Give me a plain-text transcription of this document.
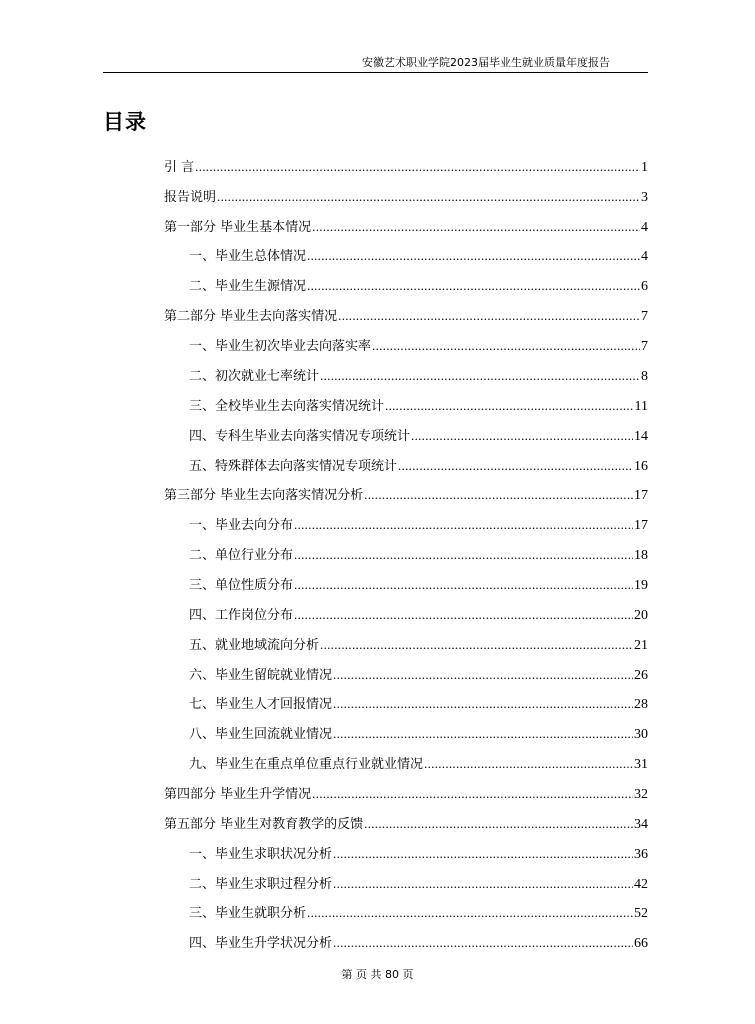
安徽艺术职业学院2023届毕业生就业质量年度报告
目录
引 言 .....	1
报告说明 .....	3
第一部分 毕业生基本情况 .....	4
一、 毕业生总体情况 .....	4
二、 毕业生生源情况 .....	6
第二部分 毕业生去向落实情况 .....	7
一、 毕业生初次毕业去向落实率 .....	7
二、 初次就业七率统计 .....	8
三、 全校毕业生去向落实情况统计 .....	11
四、 专科生毕业去向落实情况专项统计 .....	14
五、 特殊群体去向落实情况专项统计 .....	16
第三部分 毕业生去向落实情况分析 .....	17
一、 毕业去向分布 .....	17
二、 单位行业分布 .....	18
三、 单位性质分布 .....	19
四、 工作岗位分布 .....	20
五、 就业地域流向分析 .....	21
六、 毕业生留皖就业情况 .....	26
七、 毕业生人才回报情况 .....	28
八、 毕业生回流就业情况 .....	30
九、 毕业生在重点单位重点行业就业情况 .....	31
第四部分 毕业生升学情况 .....	32
第五部分 毕业生对教育教学的反馈 .....	34
一、 毕业生求职状况分析 .....	36
二、 毕业生求职过程分析 .....	42
三、 毕业生就职分析 .....	52
四、 毕业生升学状况分析 .....	66
第 页 共 80 页
